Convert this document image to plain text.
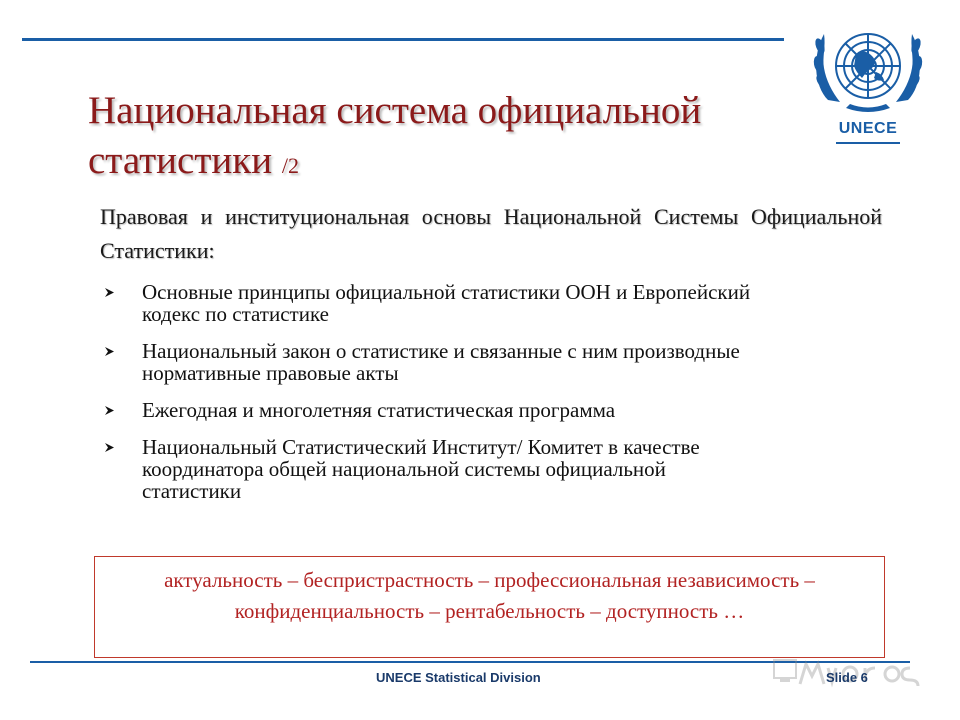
UNECE
Национальная система официальной статистики /2
Правовая и институциональная основы Национальной Системы Официальной Статистики:
Основные принципы официальной статистики ООН и Европейский кодекс по статистике
Национальный закон о статистике и связанные с ним производные нормативные правовые акты
Ежегодная и многолетняя статистическая программа
Национальный Статистический Институт/ Комитет в качестве координатора общей национальной системы официальной статистики
актуальность – беспристрастность – профессиональная независимость – конфиденциальность – рентабельность – доступность …
UNECE Statistical Division	Slide 6
